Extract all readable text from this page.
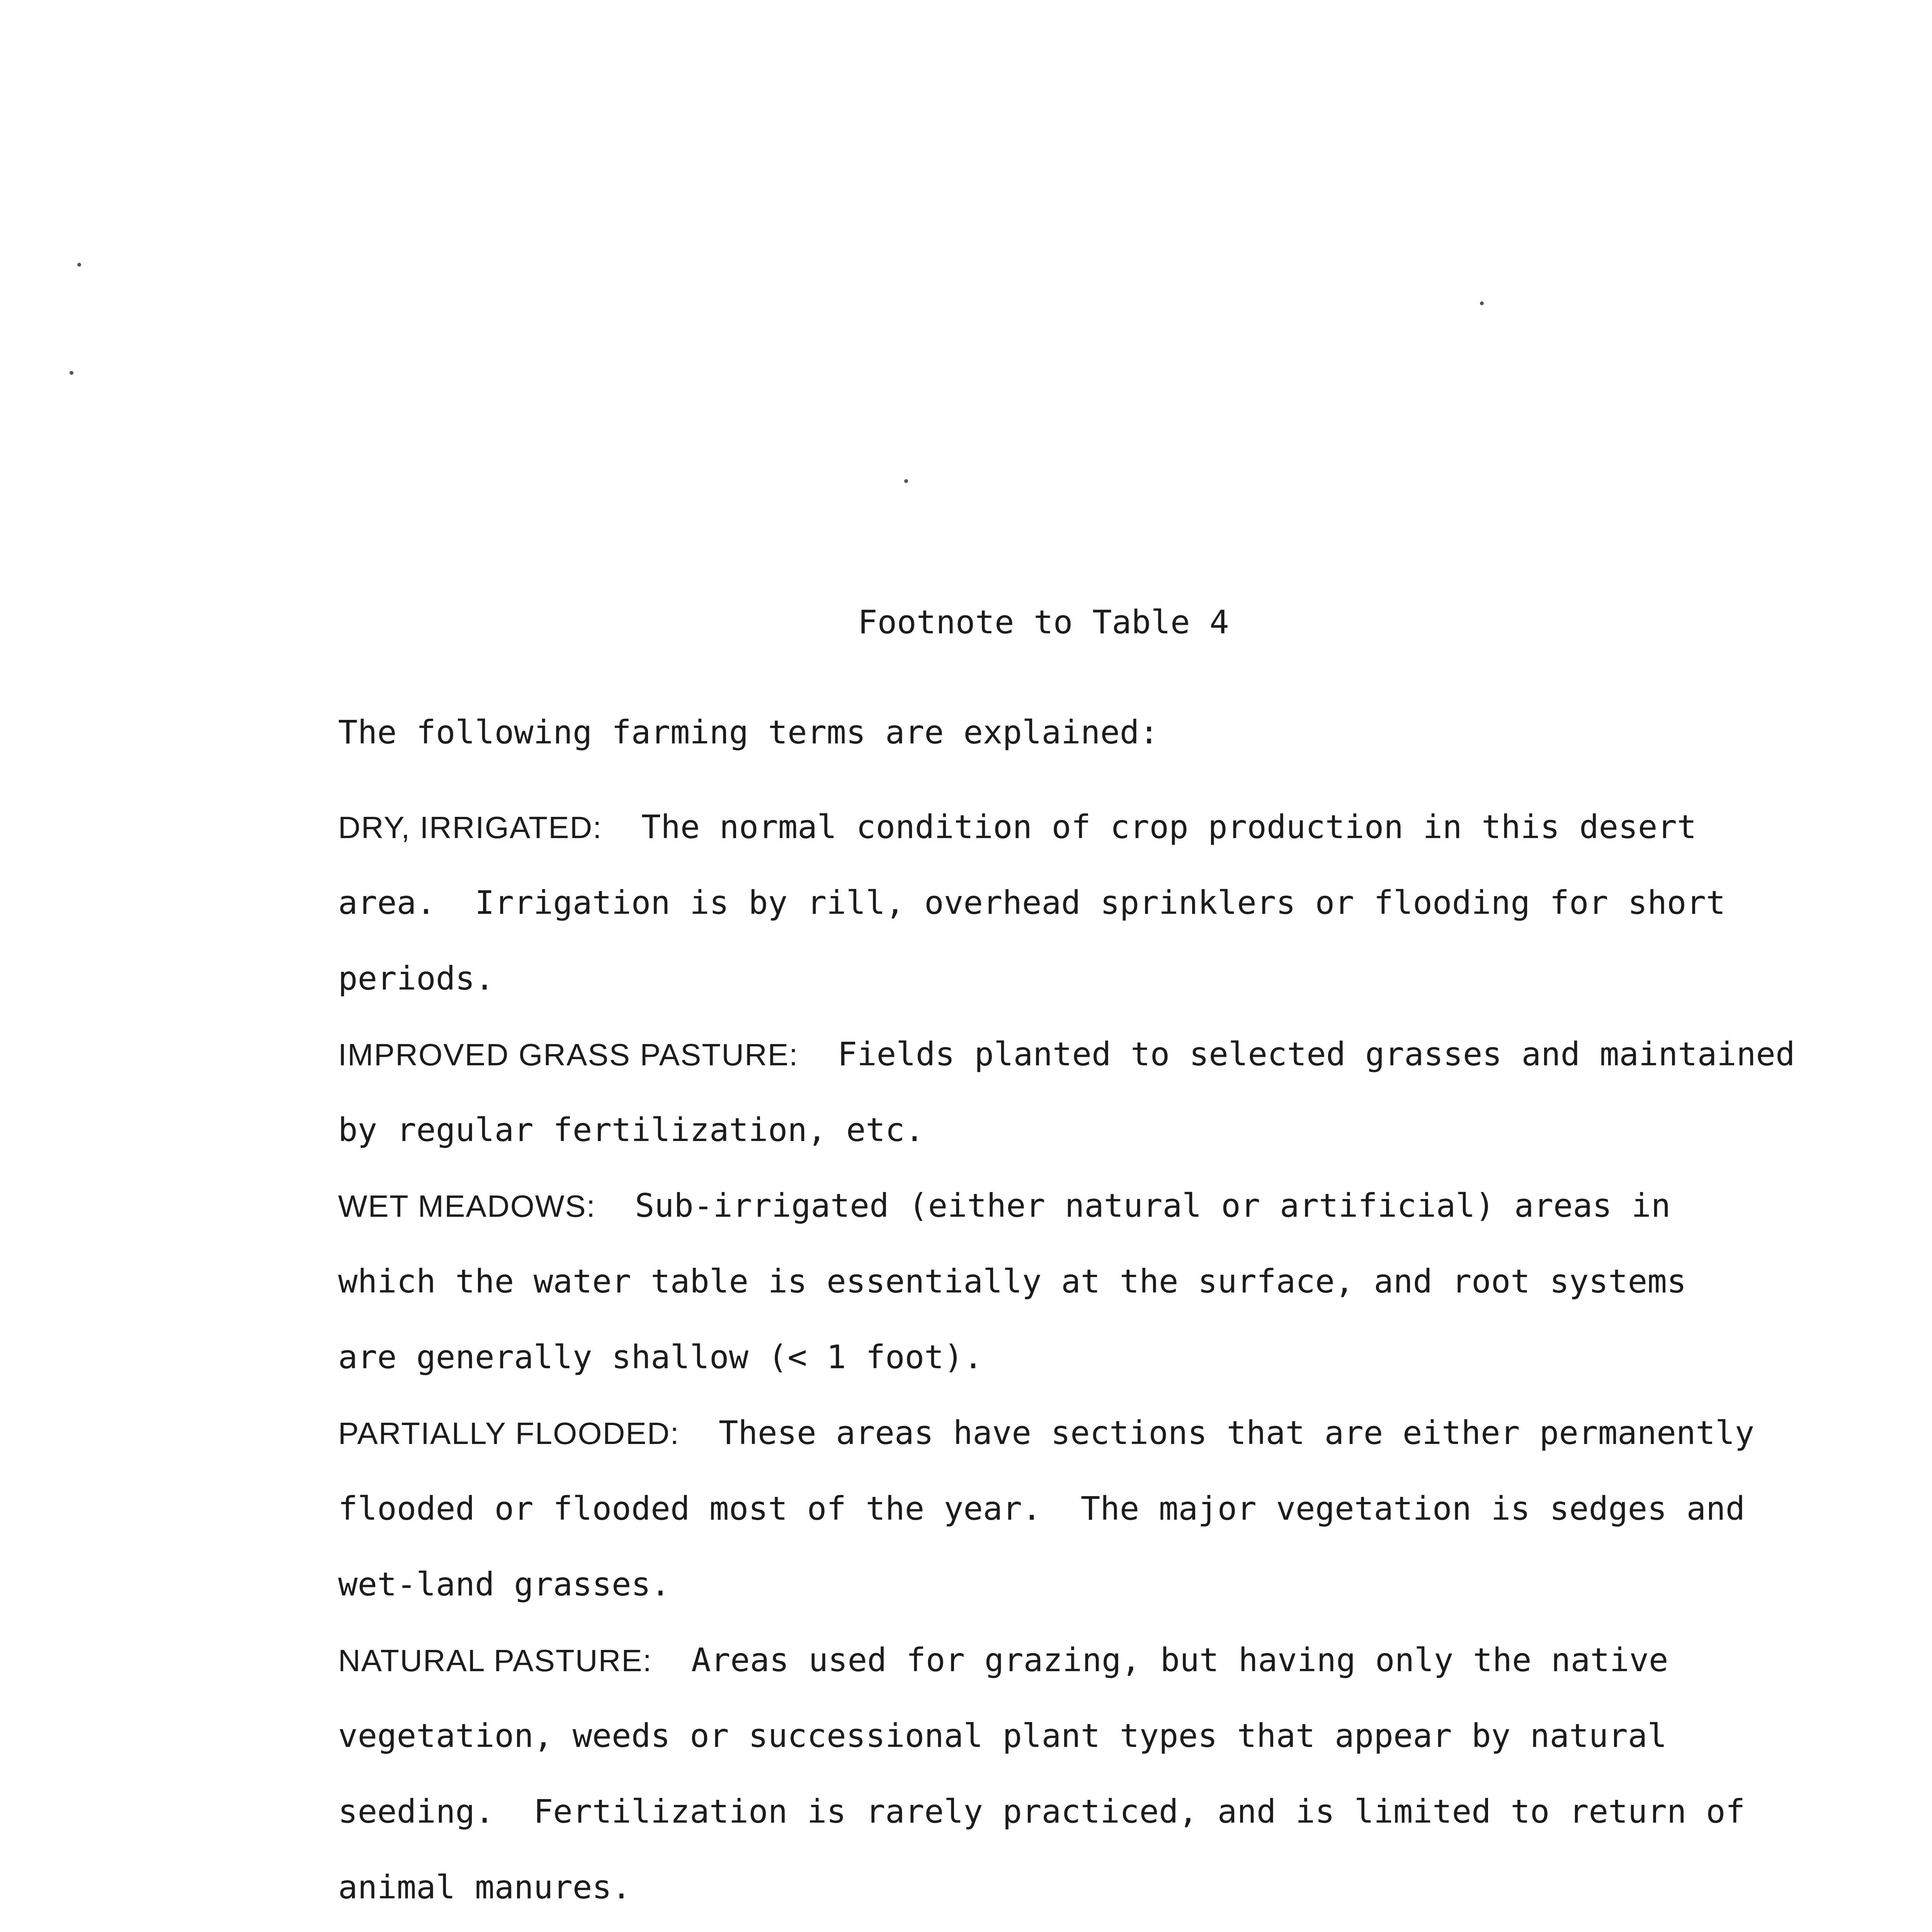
Footnote to Table 4
The following farming terms are explained:
DRY, IRRIGATED:  The normal condition of crop production in this desert
area.  Irrigation is by rill, overhead sprinklers or flooding for short
periods.
IMPROVED GRASS PASTURE:  Fields planted to selected grasses and maintained
by regular fertilization, etc.
WET MEADOWS:  Sub-irrigated (either natural or artificial) areas in
which the water table is essentially at the surface, and root systems
are generally shallow (< 1 foot).
PARTIALLY FLOODED:  These areas have sections that are either permanently
flooded or flooded most of the year.  The major vegetation is sedges and
wet-land grasses.
NATURAL PASTURE:  Areas used for grazing, but having only the native
vegetation, weeds or successional plant types that appear by natural
seeding.  Fertilization is rarely practiced, and is limited to return of
animal manures.
